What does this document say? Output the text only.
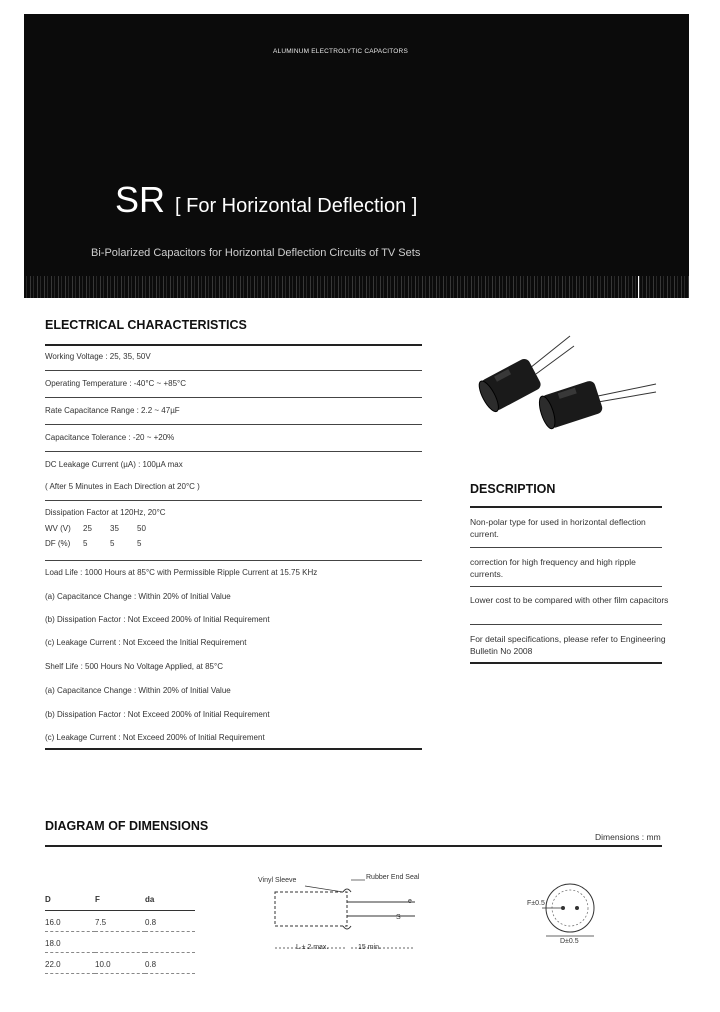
ALUMINUM ELECTROLYTIC CAPACITORS
SR [ For Horizontal Deflection ]
Bi-Polarized Capacitors for Horizontal Deflection Circuits of TV Sets
ELECTRICAL CHARACTERISTICS
Working Voltage : 25, 35, 50V
Operating Temperature : -40°C ~ +85°C
Rate Capacitance Range : 2.2 ~ 47µF
Capacitance Tolerance : -20 ~ +20%
DC Leakage Current (µA) : 100µA max
( After 5 Minutes in Each Direction at 20°C )
Dissipation Factor at 120Hz, 20°C
WV (V) 25 35 50
DF (%) 5	5	5
Load Life : 1000 Hours at 85°C with Permissible Ripple Current at 15.75 KHz
(a) Capacitance Change : Within 20% of Initial Value
(b) Dissipation Factor : Not Exceed 200% of Initial Requirement
(c) Leakage Current : Not Exceed the Initial Requirement
Shelf Life : 500 Hours No Voltage Applied, at 85°C
(a) Capacitance Change : Within 20% of Initial Value
(b) Dissipation Factor : Not Exceed 200% of Initial Requirement
(c) Leakage Current : Not Exceed 200% of Initial Requirement
DESCRIPTION
Non-polar type for used in horizontal deflection current.
correction for high frequency and high ripple currents.
Lower cost to be compared with other film capacitors
For detail specifications, please refer to Engineering Bulletin No 2008
DIAGRAM OF DIMENSIONS
Dimensions : mm
D	F	da
16.0	7.5	0.8
18.0		
22.0	10.0	0.8
Vinyl Sleeve	Rubber End Seal
e
S
L ± 2 max.	15 min.
F±0.5
D±0.5
